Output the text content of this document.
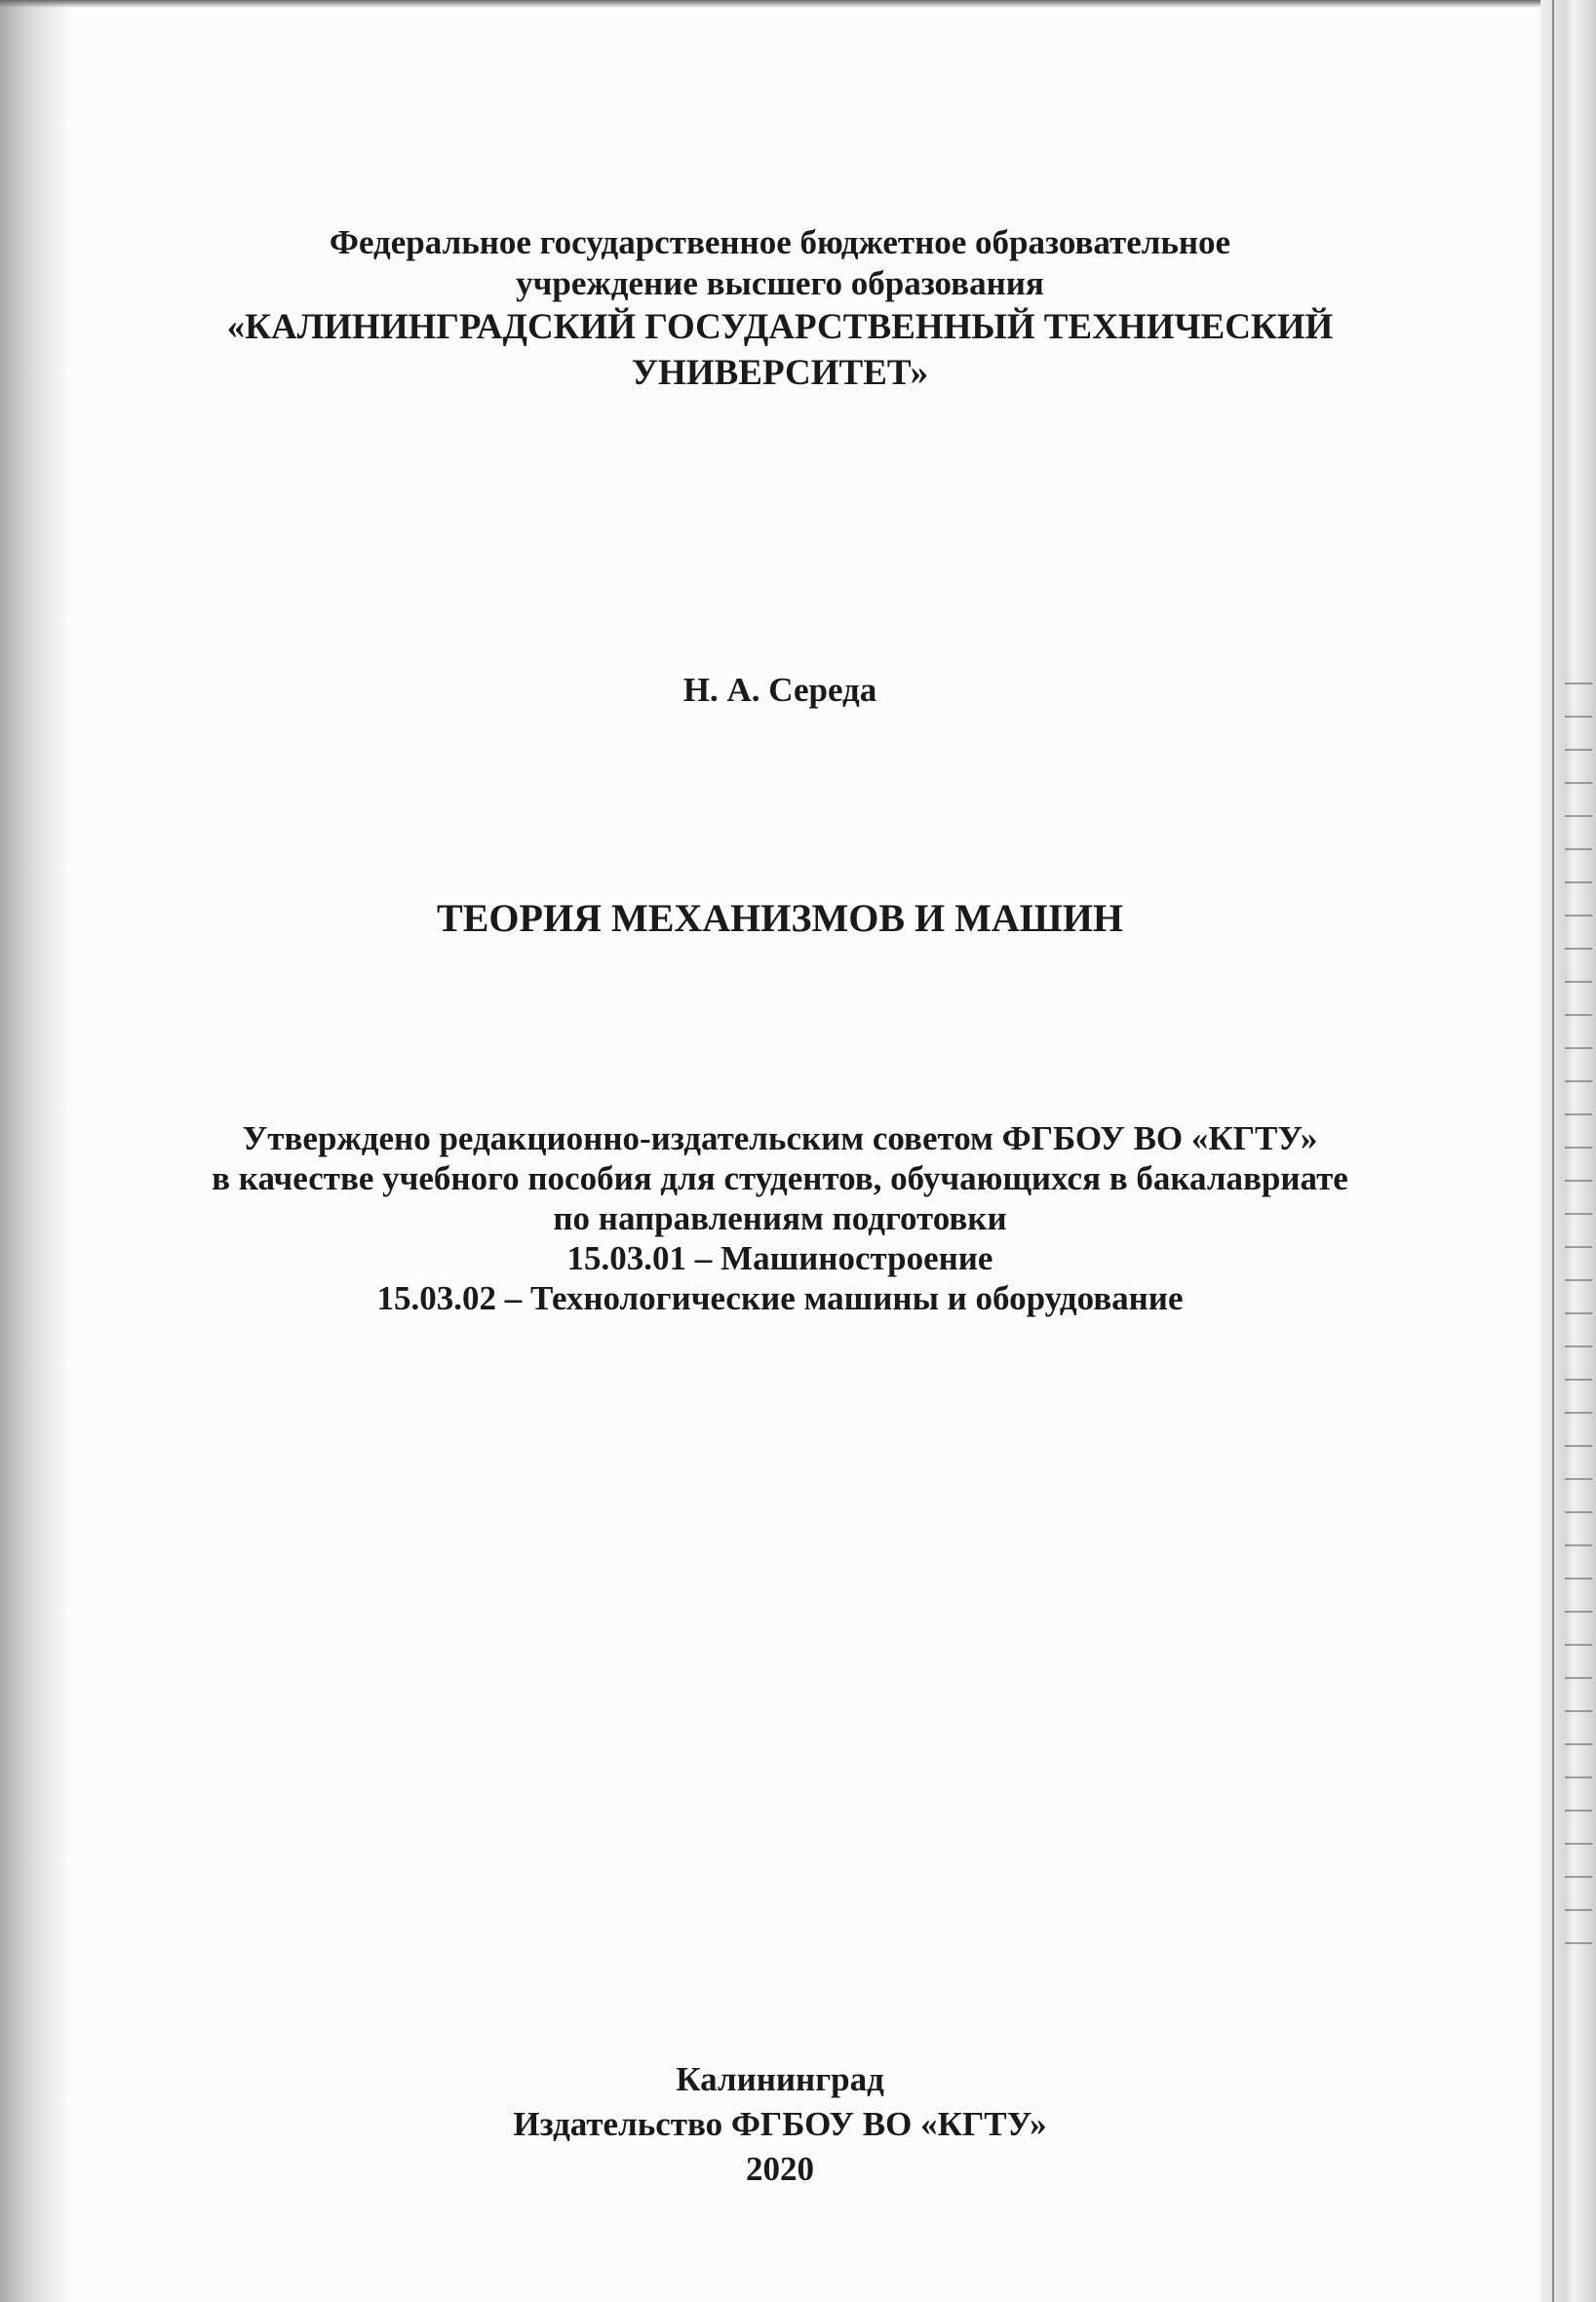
Федеральное государственное бюджетное образовательное
учреждение высшего образования
«КАЛИНИНГРАДСКИЙ ГОСУДАРСТВЕННЫЙ ТЕХНИЧЕСКИЙ
УНИВЕРСИТЕТ»
Н. А. Середа
ТЕОРИЯ МЕХАНИЗМОВ И МАШИН
Утверждено редакционно-издательским советом ФГБОУ ВО «КГТУ»
в качестве учебного пособия для студентов, обучающихся в бакалавриате
по направлениям подготовки
15.03.01 – Машиностроение
15.03.02 – Технологические машины и оборудование
Калининград
Издательство ФГБОУ ВО «КГТУ»
2020
